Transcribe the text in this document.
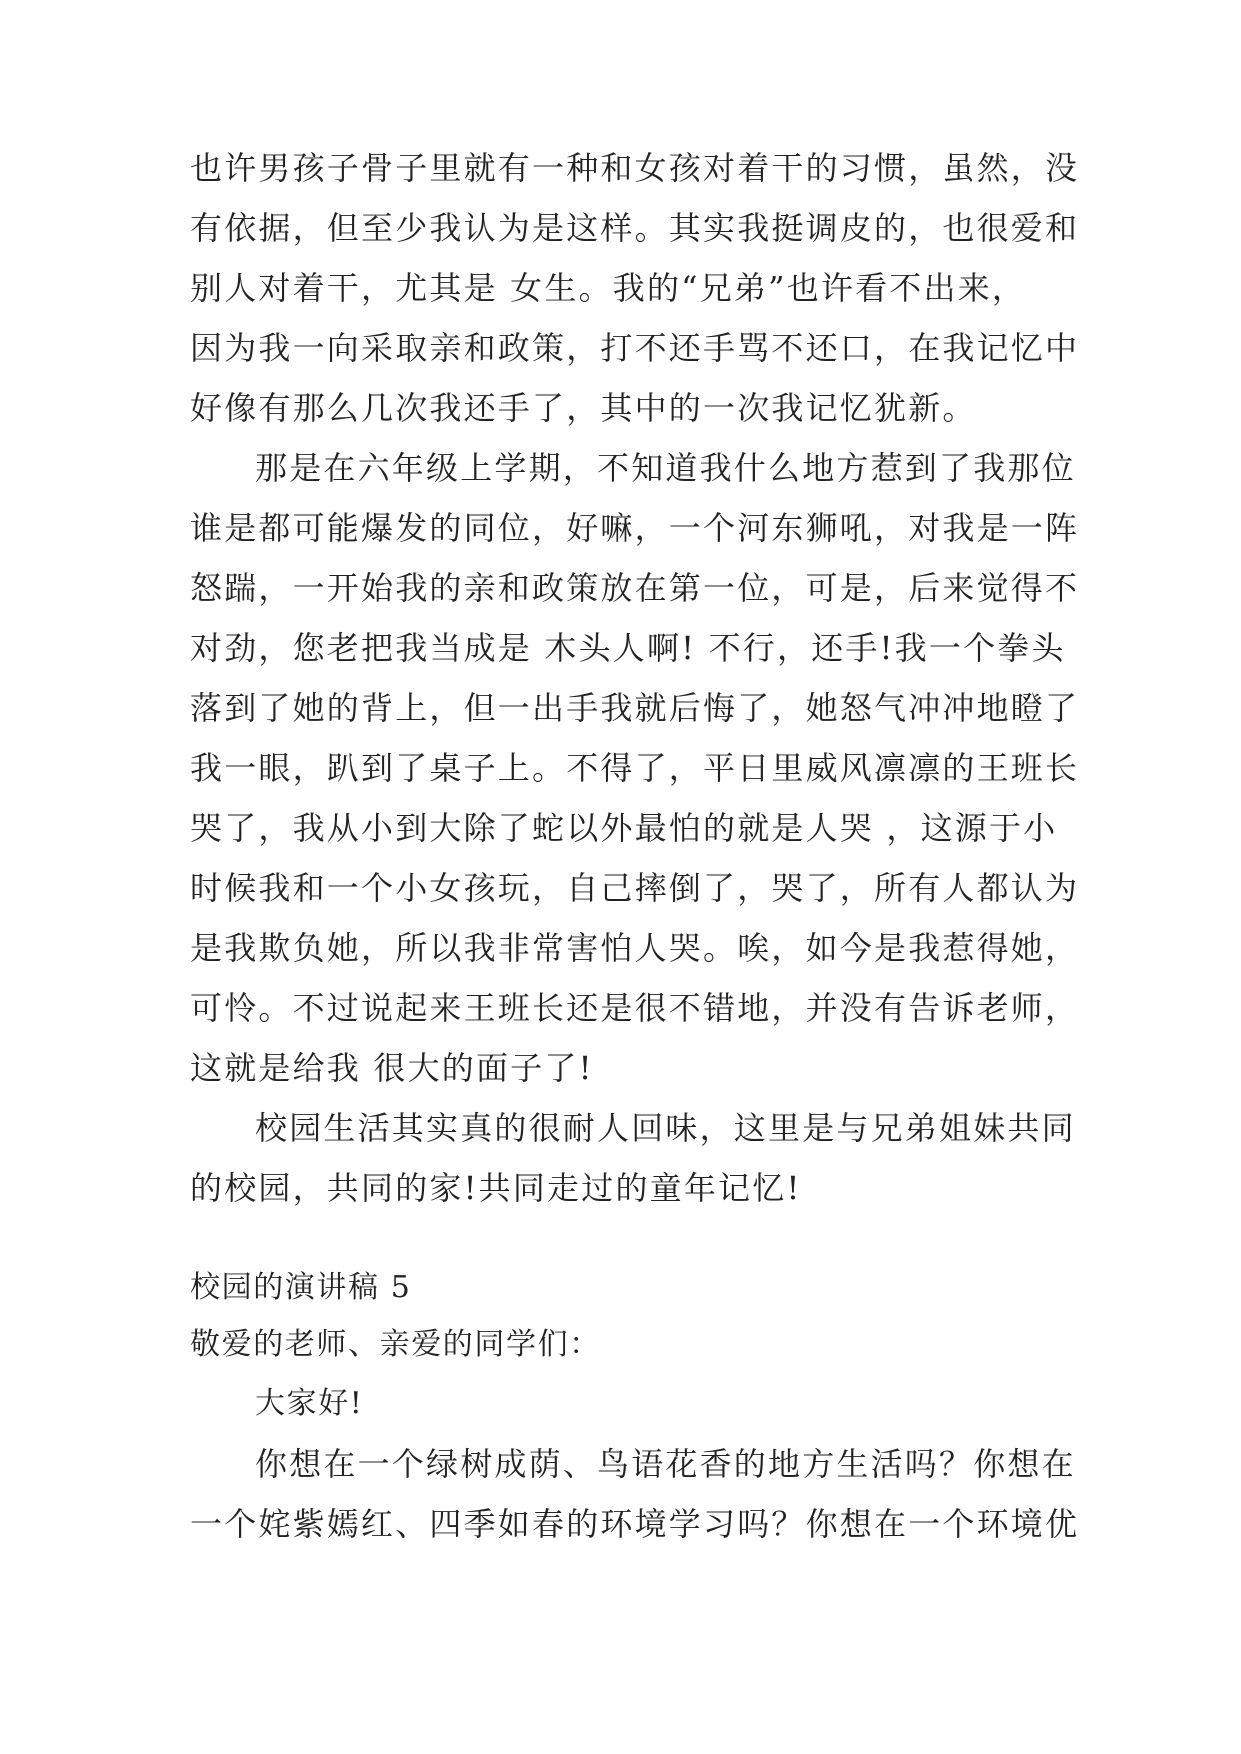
也许男孩子骨子里就有一种和女孩对着干的习惯，虽然，没
有依据，但至少我认为是这样。其实我挺调皮的，也很爱和
别人对着干，尤其是 女生。我的“兄弟”也许看不出来，
因为我一向采取亲和政策，打不还手骂不还口，在我记忆中
好像有那么几次我还手了，其中的一次我记忆犹新。
那是在六年级上学期，不知道我什么地方惹到了我那位
谁是都可能爆发的同位，好嘛，一个河东狮吼，对我是一阵
怒踹，一开始我的亲和政策放在第一位，可是，后来觉得不
对劲，您老把我当成是 木头人啊! 不行，还手!我一个拳头
落到了她的背上，但一出手我就后悔了，她怒气冲冲地瞪了
我一眼，趴到了桌子上。不得了，平日里威风凛凛的王班长
哭了，我从小到大除了蛇以外最怕的就是人哭 ，这源于小
时候我和一个小女孩玩，自己摔倒了，哭了，所有人都认为
是我欺负她，所以我非常害怕人哭。唉，如今是我惹得她，
可怜。不过说起来王班长还是很不错地，并没有告诉老师，
这就是给我 很大的面子了!
校园生活其实真的很耐人回味，这里是与兄弟姐妹共同
的校园，共同的家!共同走过的童年记忆!
校园的演讲稿 5
敬爱的老师、亲爱的同学们：
大家好!
你想在一个绿树成荫、鸟语花香的地方生活吗？你想在
一个姹紫嫣红、四季如春的环境学习吗？你想在一个环境优
